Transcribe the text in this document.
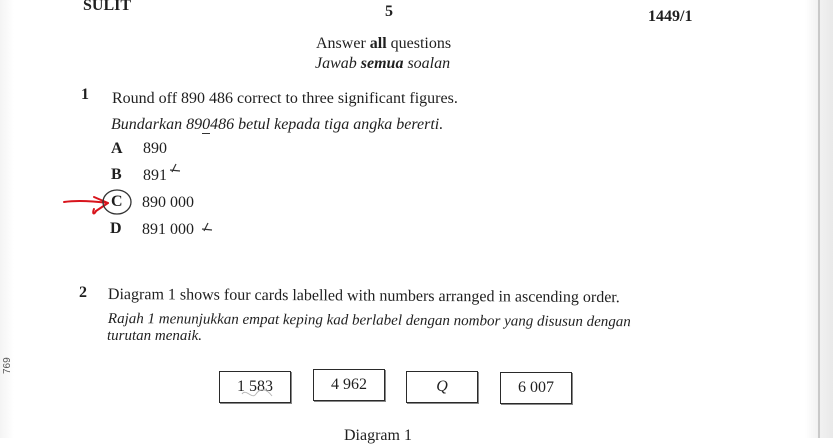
SULIT	5	1449/1
Answer all questions
Jawab semua soalan
1 Round off 890 486 correct to three significant figures.
Bundarkan 890486 betul kepada tiga angka bererti.
A 890
B 891
C 890 000
D 891 000
2 Diagram 1 shows four cards labelled with numbers arranged in ascending order.
Rajah 1 menunjukkan empat keping kad berlabel dengan nombor yang disusun dengan
turutan menaik.
1 583	4 962	Q	6 007
Diagram 1
769
